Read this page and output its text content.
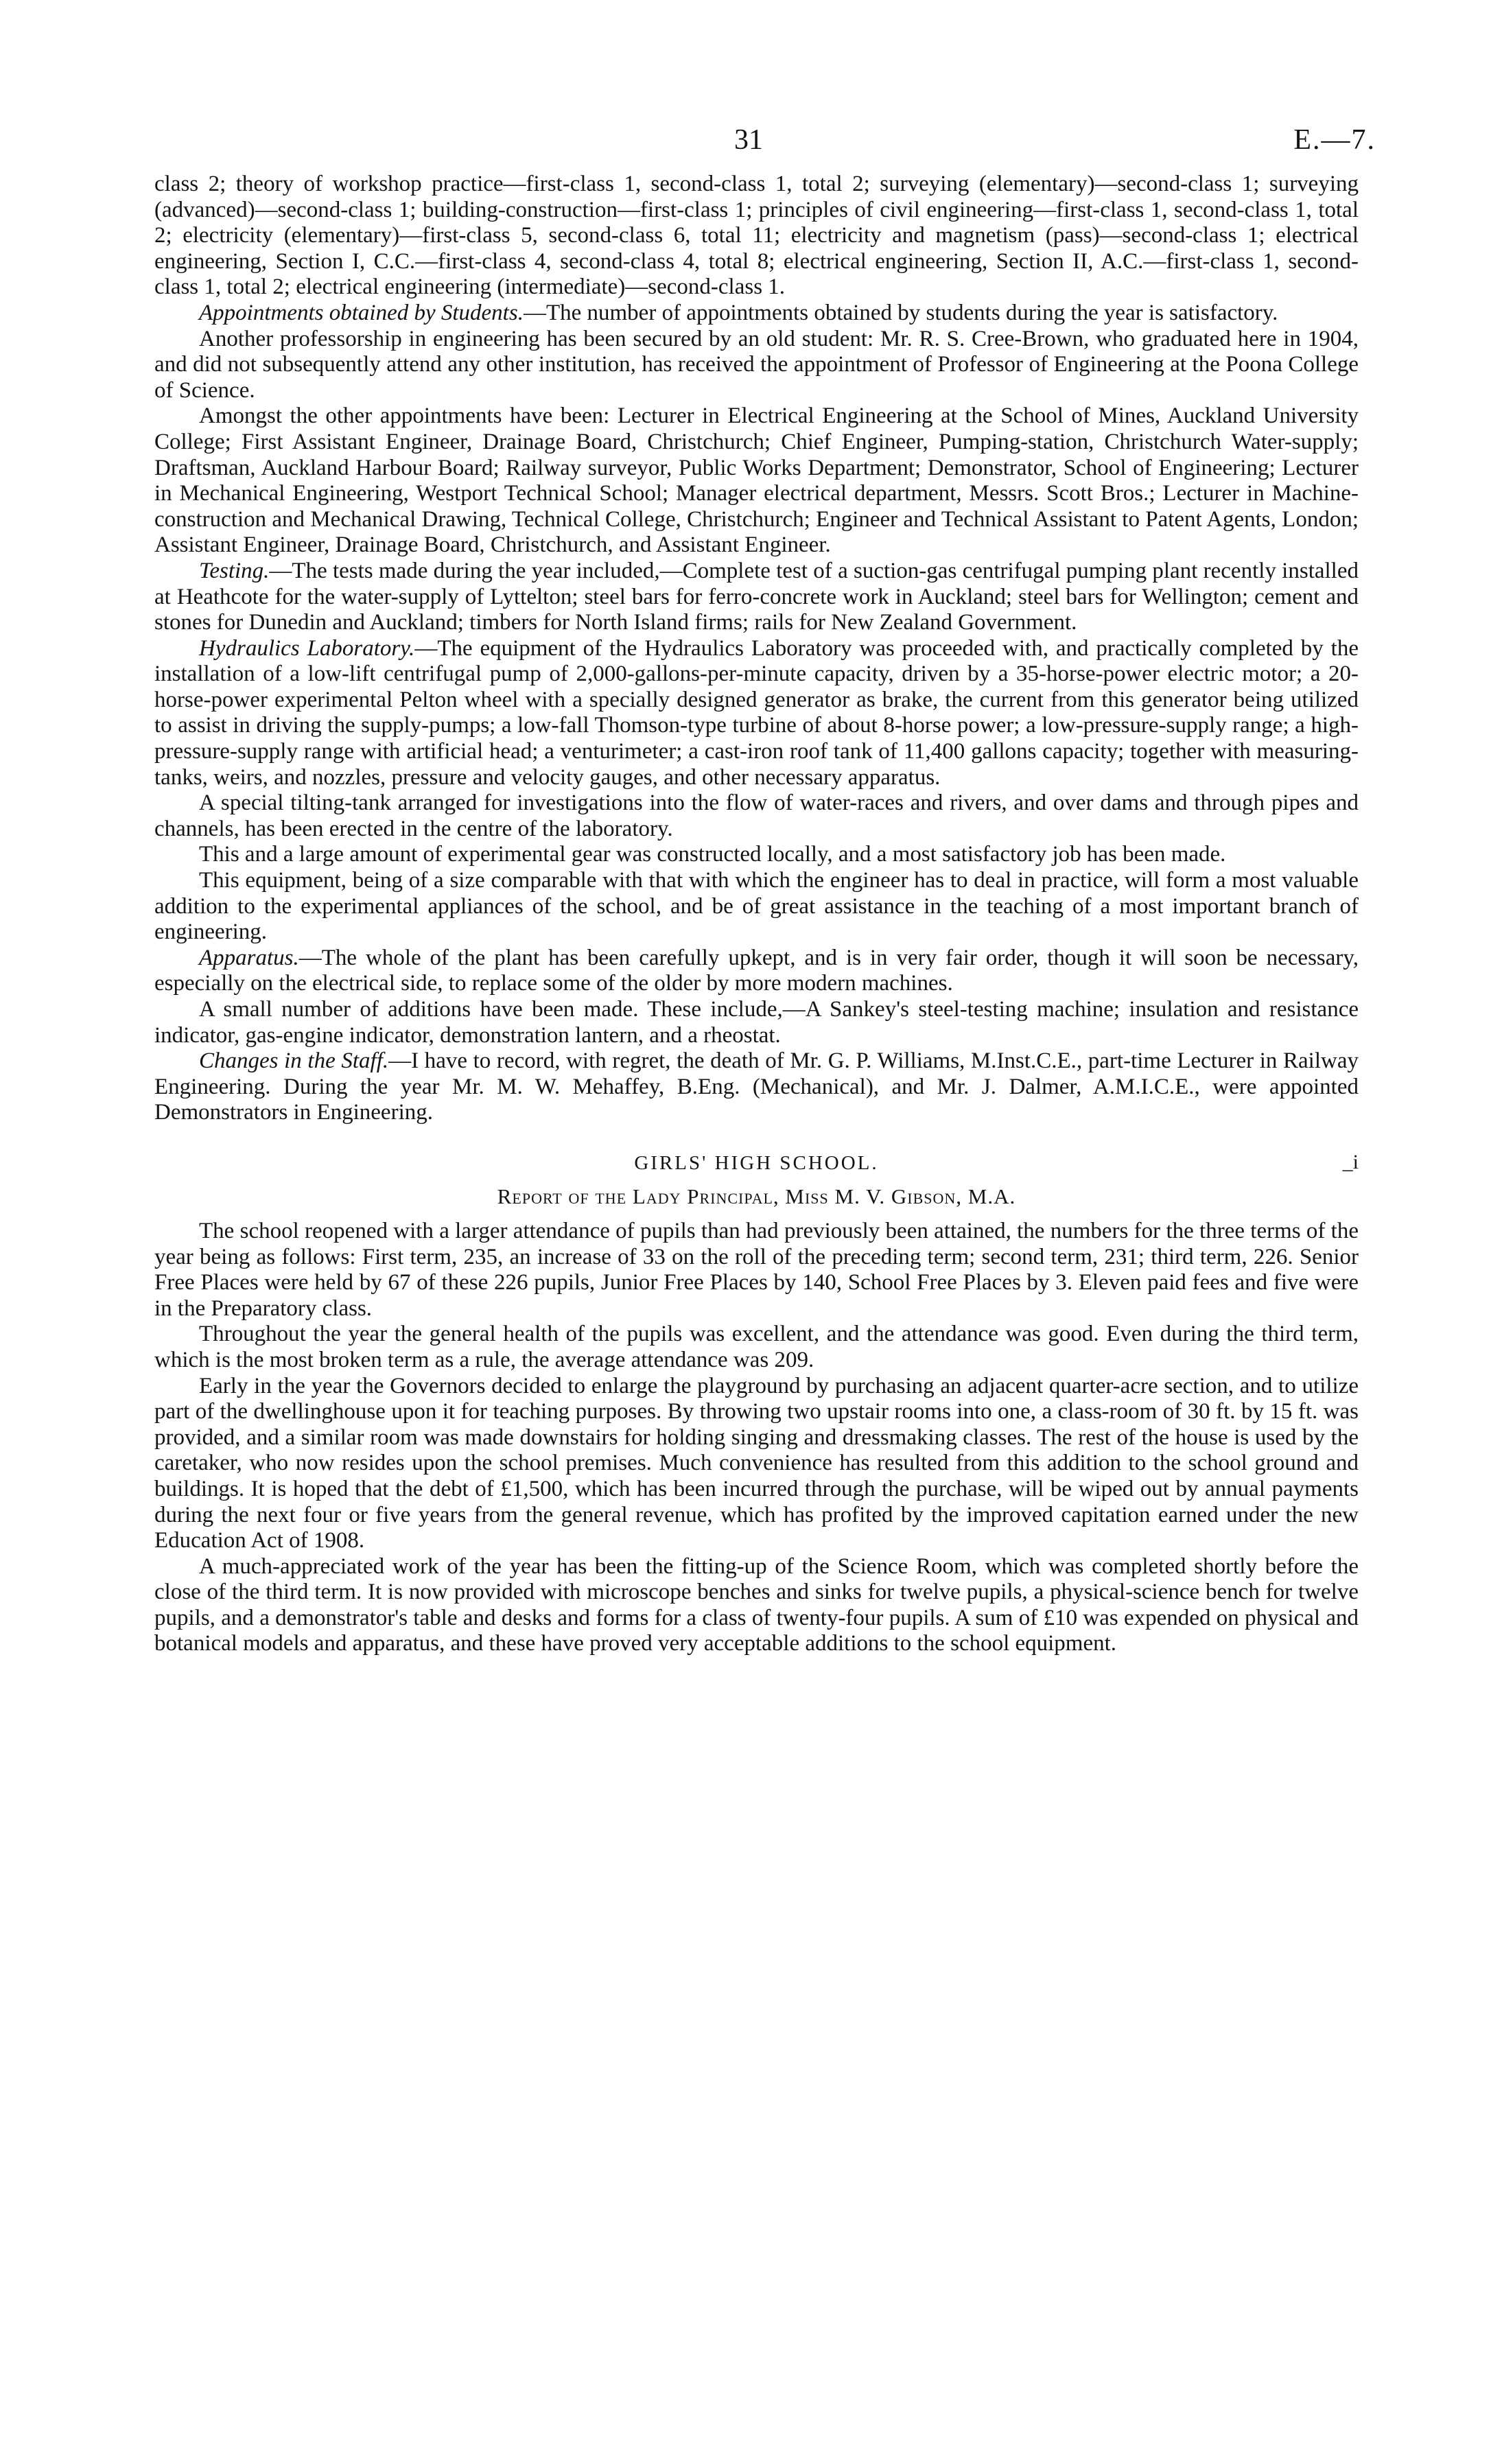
31	E.—7.

class 2; theory of workshop practice—first-class 1, second-class 1, total 2; surveying (elementary)—second-class 1; surveying (advanced)—second-class 1; building-construction—first-class 1; principles of civil engineering—first-class 1, second-class 1, total 2; electricity (elementary)—first-class 5, second-class 6, total 11; electricity and magnetism (pass)—second-class 1; electrical engineering, Section I, C.C.—first-class 4, second-class 4, total 8; electrical engineering, Section II, A.C.—first-class 1, second-class 1, total 2; electrical engineering (intermediate)—second-class 1.

Appointments obtained by Students.—The number of appointments obtained by students during the year is satisfactory.

Another professorship in engineering has been secured by an old student: Mr. R. S. Cree-Brown, who graduated here in 1904, and did not subsequently attend any other institution, has received the appointment of Professor of Engineering at the Poona College of Science.

Amongst the other appointments have been: Lecturer in Electrical Engineering at the School of Mines, Auckland University College; First Assistant Engineer, Drainage Board, Christchurch; Chief Engineer, Pumping-station, Christchurch Water-supply; Draftsman, Auckland Harbour Board; Railway surveyor, Public Works Department; Demonstrator, School of Engineering; Lecturer in Mechanical Engineering, Westport Technical School; Manager electrical department, Messrs. Scott Bros.; Lecturer in Machine-construction and Mechanical Drawing, Technical College, Christchurch; Engineer and Technical Assistant to Patent Agents, London; Assistant Engineer, Drainage Board, Christchurch, and Assistant Engineer.

Testing.—The tests made during the year included,—Complete test of a suction-gas centrifugal pumping plant recently installed at Heathcote for the water-supply of Lyttelton; steel bars for ferro-concrete work in Auckland; steel bars for Wellington; cement and stones for Dunedin and Auckland; timbers for North Island firms; rails for New Zealand Government.

Hydraulics Laboratory.—The equipment of the Hydraulics Laboratory was proceeded with, and practically completed by the installation of a low-lift centrifugal pump of 2,000-gallons-per-minute capacity, driven by a 35-horse-power electric motor; a 20-horse-power experimental Pelton wheel with a specially designed generator as brake, the current from this generator being utilized to assist in driving the supply-pumps; a low-fall Thomson-type turbine of about 8-horse power; a low-pressure-supply range; a high-pressure-supply range with artificial head; a venturimeter; a cast-iron roof tank of 11,400 gallons capacity; together with measuring-tanks, weirs, and nozzles, pressure and velocity gauges, and other necessary apparatus.

A special tilting-tank arranged for investigations into the flow of water-races and rivers, and over dams and through pipes and channels, has been erected in the centre of the laboratory.

This and a large amount of experimental gear was constructed locally, and a most satisfactory job has been made.

This equipment, being of a size comparable with that with which the engineer has to deal in practice, will form a most valuable addition to the experimental appliances of the school, and be of great assistance in the teaching of a most important branch of engineering.

Apparatus.—The whole of the plant has been carefully upkept, and is in very fair order, though it will soon be necessary, especially on the electrical side, to replace some of the older by more modern machines.

A small number of additions have been made. These include,—A Sankey's steel-testing machine; insulation and resistance indicator, gas-engine indicator, demonstration lantern, and a rheostat.

Changes in the Staff.—I have to record, with regret, the death of Mr. G. P. Williams, M.Inst.C.E., part-time Lecturer in Railway Engineering. During the year Mr. M. W. Mehaffey, B.Eng. (Mechanical), and Mr. J. Dalmer, A.M.I.C.E., were appointed Demonstrators in Engineering.

GIRLS' HIGH SCHOOL.	_i
Report of the Lady Principal, Miss M. V. Gibson, M.A.

The school reopened with a larger attendance of pupils than had previously been attained, the numbers for the three terms of the year being as follows: First term, 235, an increase of 33 on the roll of the preceding term; second term, 231; third term, 226. Senior Free Places were held by 67 of these 226 pupils, Junior Free Places by 140, School Free Places by 3. Eleven paid fees and five were in the Preparatory class.

Throughout the year the general health of the pupils was excellent, and the attendance was good. Even during the third term, which is the most broken term as a rule, the average attendance was 209.

Early in the year the Governors decided to enlarge the playground by purchasing an adjacent quarter-acre section, and to utilize part of the dwellinghouse upon it for teaching purposes. By throwing two upstair rooms into one, a class-room of 30 ft. by 15 ft. was provided, and a similar room was made downstairs for holding singing and dressmaking classes. The rest of the house is used by the caretaker, who now resides upon the school premises. Much convenience has resulted from this addition to the school ground and buildings. It is hoped that the debt of £1,500, which has been incurred through the purchase, will be wiped out by annual payments during the next four or five years from the general revenue, which has profited by the improved capitation earned under the new Education Act of 1908.

A much-appreciated work of the year has been the fitting-up of the Science Room, which was completed shortly before the close of the third term. It is now provided with microscope benches and sinks for twelve pupils, a physical-science bench for twelve pupils, and a demonstrator's table and desks and forms for a class of twenty-four pupils. A sum of £10 was expended on physical and botanical models and apparatus, and these have proved very acceptable additions to the school equipment.
